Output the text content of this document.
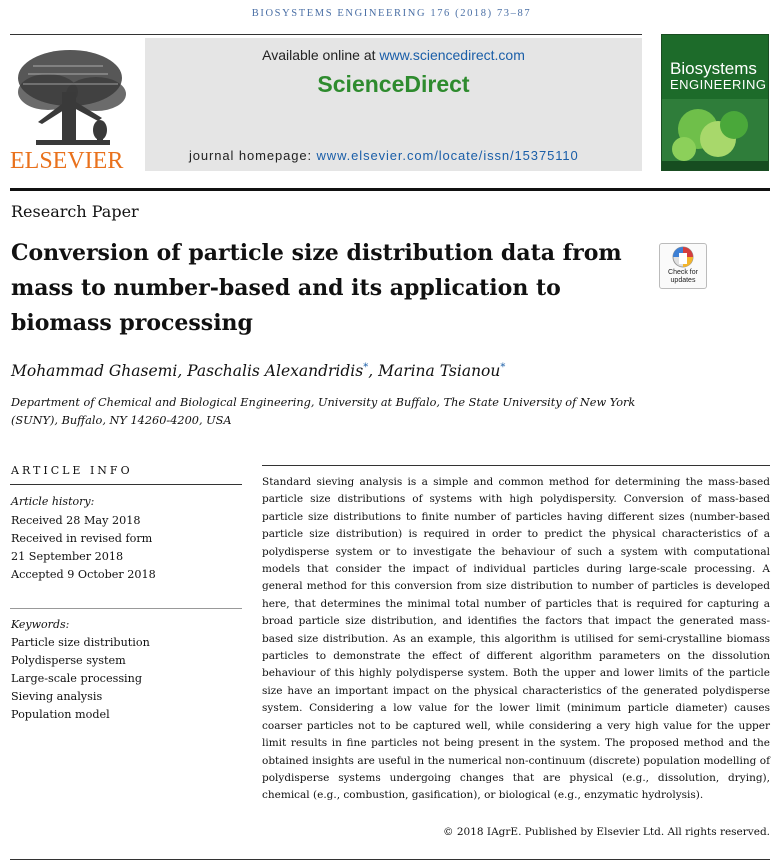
BIOSYSTEMS ENGINEERING 176 (2018) 73–87
ELSEVIER
Available online at www.sciencedirect.com
ScienceDirect
journal homepage: www.elsevier.com/locate/issn/15375110
Biosystems
ENGINEERING
Research Paper
Conversion of particle size distribution data from mass to number-based and its application to biomass processing
Check for updates
Mohammad Ghasemi, Paschalis Alexandridis*, Marina Tsianou*
Department of Chemical and Biological Engineering, University at Buffalo, The State University of New York (SUNY), Buffalo, NY 14260-4200, USA
ARTICLE INFO
Article history:
Received 28 May 2018
Received in revised form
21 September 2018
Accepted 9 October 2018
Keywords:
Particle size distribution
Polydisperse system
Large-scale processing
Sieving analysis
Population model
Standard sieving analysis is a simple and common method for determining the mass-based particle size distributions of systems with high polydispersity. Conversion of mass-based particle size distributions to finite number of particles having different sizes (number-based particle size distribution) is required in order to predict the physical characteristics of a polydisperse system or to investigate the behaviour of such a system with computational models that consider the impact of individual particles during large-scale processing. A general method for this conversion from size distribution to number of particles is developed here, that determines the minimal total number of particles that is required for capturing a broad particle size distribution, and identifies the factors that impact the generated mass-based size distribution. As an example, this algorithm is utilised for semi-crystalline biomass particles to demonstrate the effect of different algorithm parameters on the dissolution behaviour of this highly polydisperse system. Both the upper and lower limits of the particle size have an important impact on the physical characteristics of the generated polydisperse system. Considering a low value for the lower limit (minimum particle diameter) causes coarser particles not to be captured well, while considering a very high value for the upper limit results in fine particles not being present in the system. The proposed method and the obtained insights are useful in the numerical non-continuum (discrete) population modelling of polydisperse systems undergoing changes that are physical (e.g., dissolution, drying), chemical (e.g., combustion, gasification), or biological (e.g., enzymatic hydrolysis).
© 2018 IAgrE. Published by Elsevier Ltd. All rights reserved.
